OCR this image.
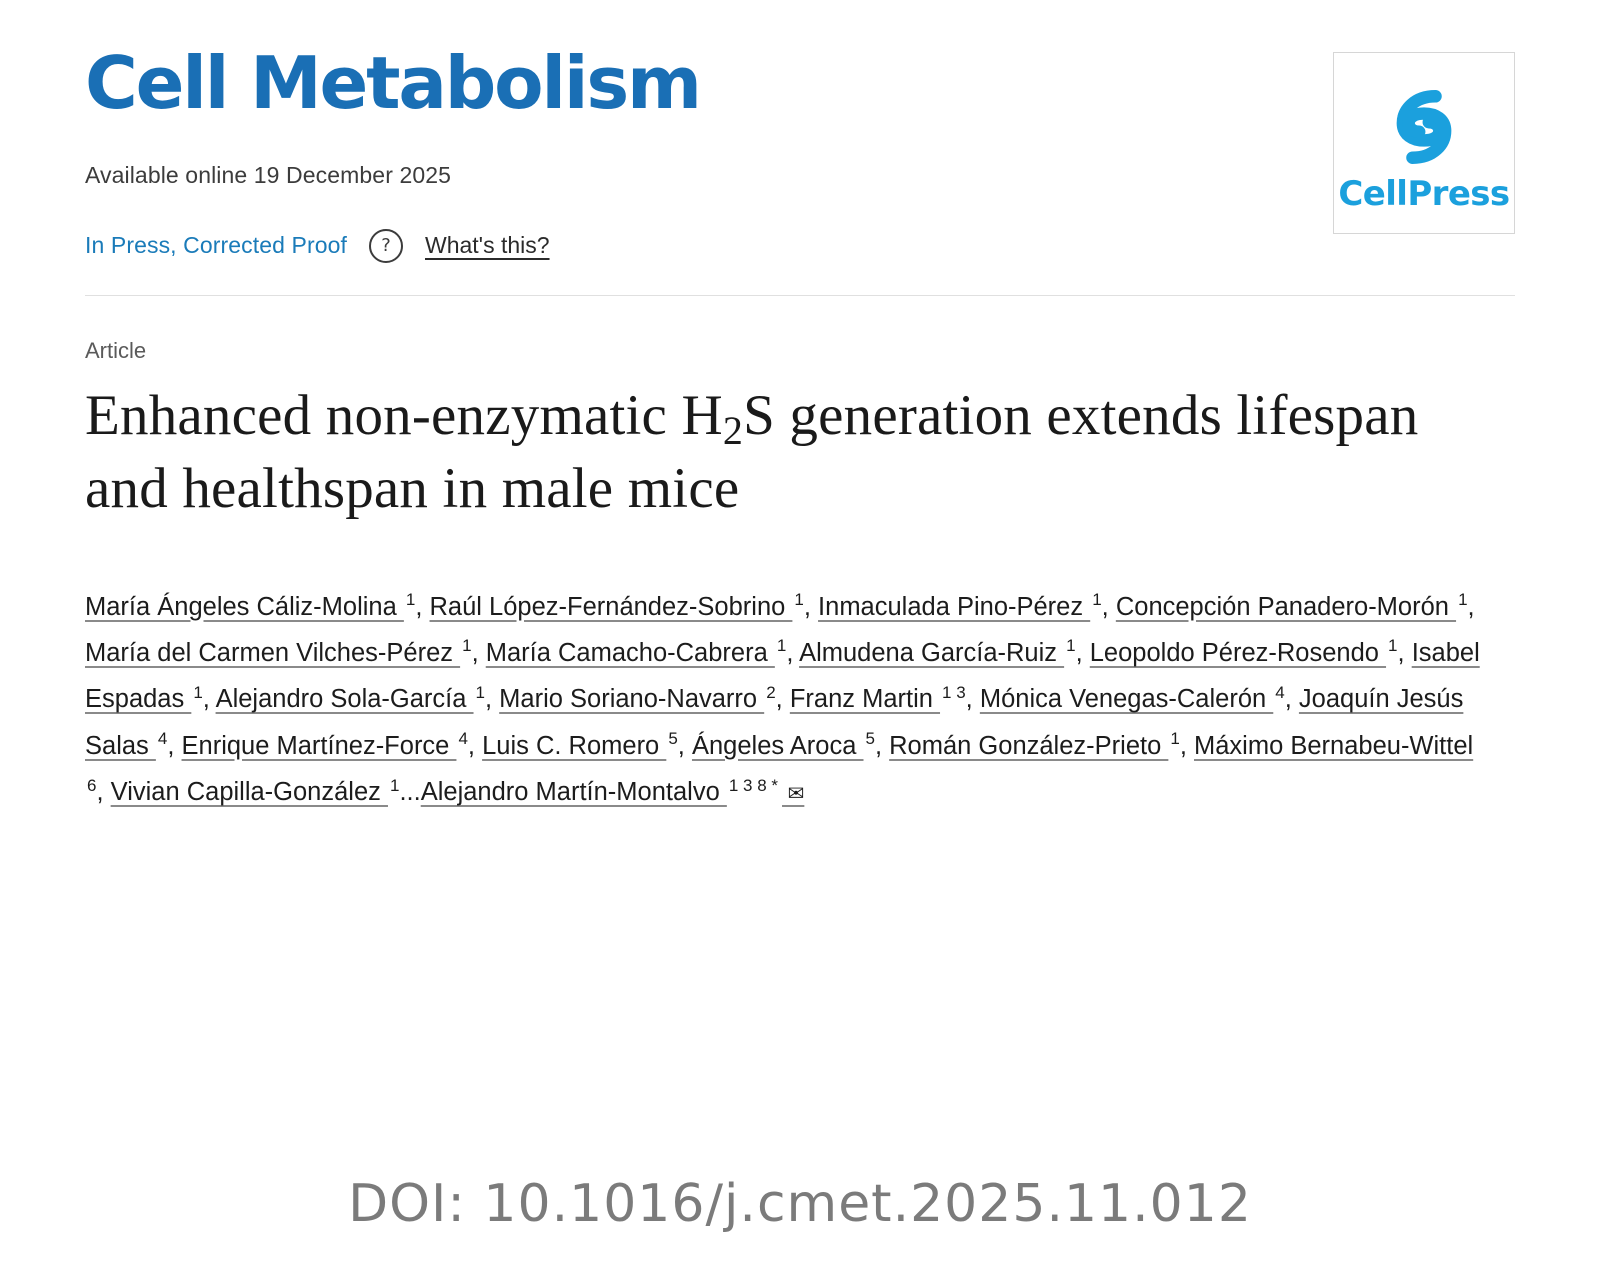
Cell Metabolism
CellPress
Available online 19 December 2025
In Press, Corrected Proof	?	What's this?
Article
Enhanced non-enzymatic $H_2S$ generation extends lifespan and healthspan in male mice
María Ángeles Cáliz-Molina 1, Raúl López-Fernández-Sobrino 1, Inmaculada Pino-Pérez 1, Concepción Panadero-Morón 1, María del Carmen Vilches-Pérez 1, María Camacho-Cabrera 1, Almudena García-Ruiz 1, Leopoldo Pérez-Rosendo 1, Isabel Espadas 1, Alejandro Sola-García 1, Mario Soriano-Navarro 2, Franz Martin 1 3, Mónica Venegas-Calerón 4, Joaquín Jesús Salas 4, Enrique Martínez-Force 4, Luis C. Romero 5, Ángeles Aroca 5, Román González-Prieto 1, Máximo Bernabeu-Wittel 6, Vivian Capilla-González 1...Alejandro Martín-Montalvo 1 3 8 * ✉
DOI: 10.1016/j.cmet.2025.11.012
